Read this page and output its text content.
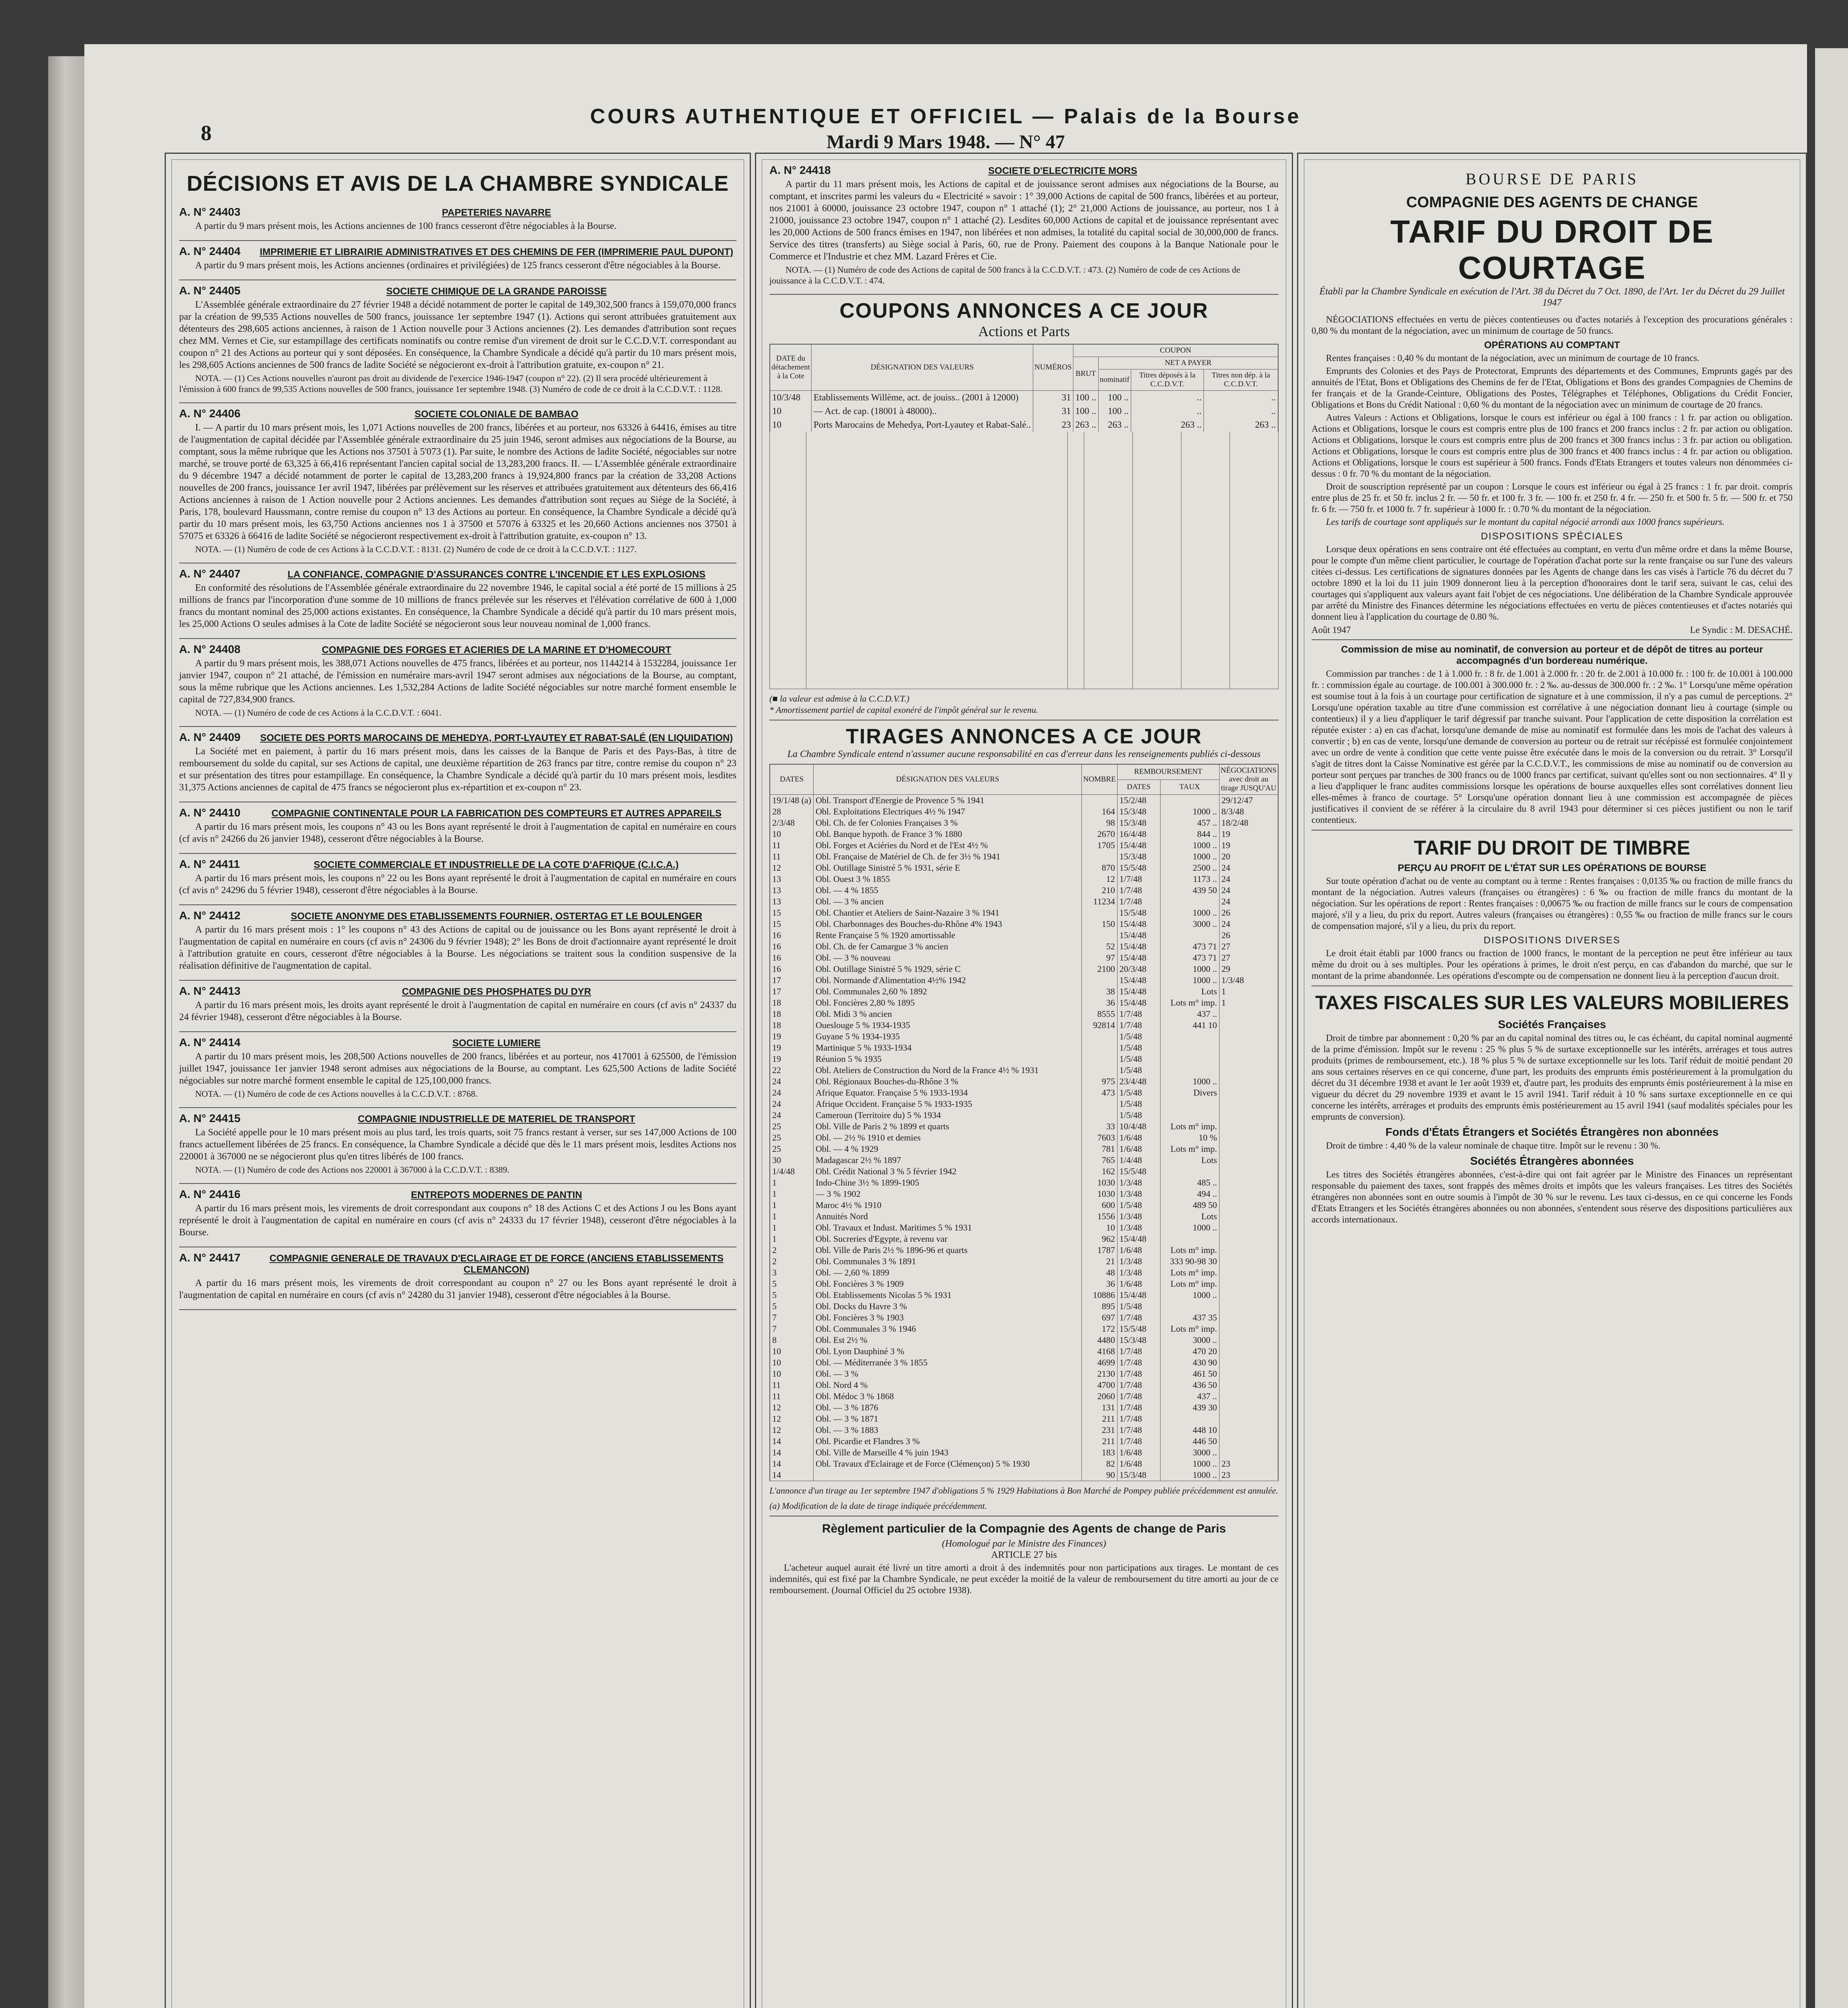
8
COURS AUTHENTIQUE ET OFFICIEL — Palais de la Bourse
Mardi 9 Mars 1948. — N° 47
DÉCISIONS ET AVIS DE LA CHAMBRE SYNDICALE
A. N° 24403	PAPETERIES NAVARRE
A partir du 9 mars présent mois, les Actions anciennes de 100 francs cesseront d'être négociables à la Bourse.
A. N° 24404	IMPRIMERIE ET LIBRAIRIE ADMINISTRATIVES ET DES CHEMINS DE FER (IMPRIMERIE PAUL DUPONT)
A partir du 9 mars présent mois, les Actions anciennes (ordinaires et privilégiées) de 125 francs cesseront d'être négociables à la Bourse.
A. N° 24405	SOCIETE CHIMIQUE DE LA GRANDE PAROISSE
L'Assemblée générale extraordinaire du 27 février 1948 a décidé notamment de porter le capital de 149,302,500 francs à 159,070,000 francs par la création de 99,535 Actions nouvelles de 500 francs, jouissance 1er septembre 1947 (1). Actions qui seront attribuées gratuitement aux détenteurs des 298,605 actions anciennes, à raison de 1 Action nouvelle pour 3 Actions anciennes (2). Les demandes d'attribution sont reçues chez MM. Vernes et Cie, sur estampillage des certificats nominatifs ou contre remise d'un virement de droit sur le C.C.D.V.T. correspondant au coupon n° 21 des Actions au porteur qui y sont déposées. En conséquence, la Chambre Syndicale a décidé qu'à partir du 10 mars présent mois, les 298,605 Actions anciennes de 500 francs de ladite Société se négocieront ex-droit à l'attribution gratuite, ex-coupon n° 21.
NOTA. — (1) Ces Actions nouvelles n'auront pas droit au dividende de l'exercice 1946-1947 (coupon n° 22). (2) Il sera procédé ultérieurement à l'émission à 600 francs de 99,535 Actions nouvelles de 500 francs, jouissance 1er septembre 1948. (3) Numéro de code de ce droit à la C.C.D.V.T. : 1128.
A. N° 24406	SOCIETE COLONIALE DE BAMBAO
I. — A partir du 10 mars présent mois, les 1,071 Actions nouvelles de 200 francs, libérées et au porteur, nos 63326 à 64416, émises au titre de l'augmentation de capital décidée par l'Assemblée générale extraordinaire du 25 juin 1946, seront admises aux négociations de la Bourse, au comptant, sous la même rubrique que les Actions nos 37501 à 5'073 (1). Par suite, le nombre des Actions de ladite Société, négociables sur notre marché, se trouve porté de 63,325 à 66,416 représentant l'ancien capital social de 13,283,200 francs. II. — L'Assemblée générale extraordinaire du 9 décembre 1947 a décidé notamment de porter le capital de 13,283,200 francs à 19,924,800 francs par la création de 33,208 Actions nouvelles de 200 francs, jouissance 1er avril 1947, libérées par prélèvement sur les réserves et attribuées gratuitement aux détenteurs des 66,416 Actions anciennes à raison de 1 Action nouvelle pour 2 Actions anciennes. Les demandes d'attribution sont reçues au Siège de la Société, à Paris, 178, boulevard Haussmann, contre remise du coupon n° 13 des Actions au porteur. En conséquence, la Chambre Syndicale a décidé qu'à partir du 10 mars présent mois, les 63,750 Actions anciennes nos 1 à 37500 et 57076 à 63325 et les 20,660 Actions anciennes nos 37501 à 57075 et 63326 à 66416 de ladite Société se négocieront respectivement ex-droit à l'attribution gratuite, ex-coupon n° 13.
NOTA. — (1) Numéro de code de ces Actions à la C.C.D.V.T. : 8131. (2) Numéro de code de ce droit à la C.C.D.V.T. : 1127.
A. N° 24407	LA CONFIANCE, COMPAGNIE D'ASSURANCES CONTRE L'INCENDIE ET LES EXPLOSIONS
En conformité des résolutions de l'Assemblée générale extraordinaire du 22 novembre 1946, le capital social a été porté de 15 millions à 25 millions de francs par l'incorporation d'une somme de 10 millions de francs prélevée sur les réserves et l'élévation corrélative de 600 à 1,000 francs du montant nominal des 25,000 actions existantes. En conséquence, la Chambre Syndicale a décidé qu'à partir du 10 mars présent mois, les 25,000 Actions O seules admises à la Cote de ladite Société se négocieront sous leur nouveau nominal de 1,000 francs.
A. N° 24408	COMPAGNIE DES FORGES ET ACIERIES DE LA MARINE ET D'HOMECOURT
A partir du 9 mars présent mois, les 388,071 Actions nouvelles de 475 francs, libérées et au porteur, nos 1144214 à 1532284, jouissance 1er janvier 1947, coupon n° 21 attaché, de l'émission en numéraire mars-avril 1947 seront admises aux négociations de la Bourse, au comptant, sous la même rubrique que les Actions anciennes. Les 1,532,284 Actions de ladite Société négociables sur notre marché forment ensemble le capital de 727,834,900 francs.
NOTA. — (1) Numéro de code de ces Actions à la C.C.D.V.T. : 6041.
A. N° 24409	SOCIETE DES PORTS MAROCAINS DE MEHEDYA, PORT-LYAUTEY ET RABAT-SALÉ (EN LIQUIDATION)
La Société met en paiement, à partir du 16 mars présent mois, dans les caisses de la Banque de Paris et des Pays-Bas, à titre de remboursement du solde du capital, sur ses Actions de capital, une deuxième répartition de 263 francs par titre, contre remise du coupon n° 23 et sur présentation des titres pour estampillage. En conséquence, la Chambre Syndicale a décidé qu'à partir du 10 mars présent mois, lesdites 31,375 Actions anciennes de capital de 475 francs se négocieront plus ex-répartition et ex-coupon n° 23.
A. N° 24410	COMPAGNIE CONTINENTALE POUR LA FABRICATION DES COMPTEURS ET AUTRES APPAREILS
A partir du 16 mars présent mois, les coupons n° 43 ou les Bons ayant représenté le droit à l'augmentation de capital en numéraire en cours (cf avis n° 24266 du 26 janvier 1948), cesseront d'être négociables à la Bourse.
A. N° 24411	SOCIETE COMMERCIALE ET INDUSTRIELLE DE LA COTE D'AFRIQUE (C.I.C.A.)
A partir du 16 mars présent mois, les coupons n° 22 ou les Bons ayant représenté le droit à l'augmentation de capital en numéraire en cours (cf avis n° 24296 du 5 février 1948), cesseront d'être négociables à la Bourse.
A. N° 24412	SOCIETE ANONYME DES ETABLISSEMENTS FOURNIER, OSTERTAG ET LE BOULENGER
A partir du 16 mars présent mois : 1° les coupons n° 43 des Actions de capital ou de jouissance ou les Bons ayant représenté le droit à l'augmentation de capital en numéraire en cours (cf avis n° 24306 du 9 février 1948); 2° les Bons de droit d'actionnaire ayant représenté le droit à l'attribution gratuite en cours, cesseront d'être négociables à la Bourse. Les négociations se traitent sous la condition suspensive de la réalisation définitive de l'augmentation de capital.
A. N° 24413	COMPAGNIE DES PHOSPHATES DU DYR
A partir du 16 mars présent mois, les droits ayant représenté le droit à l'augmentation de capital en numéraire en cours (cf avis n° 24337 du 24 février 1948), cesseront d'être négociables à la Bourse.
A. N° 24414	SOCIETE LUMIERE
A partir du 10 mars présent mois, les 208,500 Actions nouvelles de 200 francs, libérées et au porteur, nos 417001 à 625500, de l'émission juillet 1947, jouissance 1er janvier 1948 seront admises aux négociations de la Bourse, au comptant. Les 625,500 Actions de ladite Société négociables sur notre marché forment ensemble le capital de 125,100,000 francs.
NOTA. — (1) Numéro de code de ces Actions nouvelles à la C.C.D.V.T. : 8768.
A. N° 24415	COMPAGNIE INDUSTRIELLE DE MATERIEL DE TRANSPORT
La Société appelle pour le 10 mars présent mois au plus tard, les trois quarts, soit 75 francs restant à verser, sur ses 147,000 Actions de 100 francs actuellement libérées de 25 francs. En conséquence, la Chambre Syndicale a décidé que dès le 11 mars présent mois, lesdites Actions nos 220001 à 367000 ne se négocieront plus qu'en titres libérés de 100 francs.
NOTA. — (1) Numéro de code des Actions nos 220001 à 367000 à la C.C.D.V.T. : 8389.
A. N° 24416	ENTREPOTS MODERNES DE PANTIN
A partir du 16 mars présent mois, les virements de droit correspondant aux coupons n° 18 des Actions C et des Actions J ou les Bons ayant représenté le droit à l'augmentation de capital en numéraire en cours (cf avis n° 24333 du 17 février 1948), cesseront d'être négociables à la Bourse.
A. N° 24417	COMPAGNIE GENERALE DE TRAVAUX D'ECLAIRAGE ET DE FORCE (ANCIENS ETABLISSEMENTS CLEMANCON)
A partir du 16 mars présent mois, les virements de droit correspondant au coupon n° 27 ou les Bons ayant représenté le droit à l'augmentation de capital en numéraire en cours (cf avis n° 24280 du 31 janvier 1948), cesseront d'être négociables à la Bourse.
A. N° 24418	SOCIETE D'ELECTRICITE MORS
A partir du 11 mars présent mois, les Actions de capital et de jouissance seront admises aux négociations de la Bourse, au comptant, et inscrites parmi les valeurs du « Electricité » savoir : 1° 39,000 Actions de capital de 500 francs, libérées et au porteur, nos 21001 à 60000, jouissance 23 octobre 1947, coupon n° 1 attaché (1); 2° 21,000 Actions de jouissance, au porteur, nos 1 à 21000, jouissance 23 octobre 1947, coupon n° 1 attaché (2). Lesdites 60,000 Actions de capital et de jouissance représentant avec les 20,000 Actions de 500 francs émises en 1947, non libérées et non admises, la totalité du capital social de 30,000,000 de francs. Service des titres (transferts) au Siège social à Paris, 60, rue de Prony. Paiement des coupons à la Banque Nationale pour le Commerce et l'Industrie et chez MM. Lazard Frères et Cie.
NOTA. — (1) Numéro de code des Actions de capital de 500 francs à la C.C.D.V.T. : 473. (2) Numéro de code de ces Actions de jouissance à la C.C.D.V.T. : 474.
COUPONS ANNONCES A CE JOUR
Actions et Parts
DATE du détachement à la Cote	DÉSIGNATION DES VALEURS	NUMÉROS	COUPON			
			BRUT	NET A PAYER		
				nominatif	Titres déposés à la C.C.D.V.T.	Titres non dép. à la C.C.D.V.T.
10/3/48	Etablissements Willème, act. de jouiss.. (2001 à 12000)	31	100 ..	100 ..	..	..
10	— Act. de cap. (18001 à 48000)..	31	100 ..	100 ..	..	..
10	Ports Marocains de Mehedya, Port-Lyautey et Rabat-Salé..	23	263 ..	263 ..	263 ..	263 ..
(■ la valeur est admise à la C.C.D.V.T.)
* Amortissement partiel de capital exonéré de l'impôt général sur le revenu.
TIRAGES ANNONCES A CE JOUR
La Chambre Syndicale entend n'assumer aucune responsabilité en cas d'erreur dans les renseignements publiés ci-dessous
DATES	DÉSIGNATION DES VALEURS	NOMBRE	REMBOURSEMENT		NÉGOCIATIONS avec droit au tirage JUSQU'AU
			DATES	TAUX	
19/1/48 (a)	Obl. Transport d'Energie de Provence 5 % 1941		15/2/48		29/12/47
28	Obl. Exploitations Electriques 4½ % 1947	164	15/3/48	1000 ..	8/3/48
2/3/48	Obl. Ch. de fer Colonies Françaises 3 %	98	15/3/48	457 ..	18/2/48
10	Obl. Banque hypoth. de France 3 % 1880	2670	16/4/48	844 ..	19
11	Obl. Forges et Aciéries du Nord et de l'Est 4½ %	1705	15/4/48	1000 ..	19
11	Obl. Française de Matériel de Ch. de fer 3½ % 1941		15/3/48	1000 ..	20
12	Obl. Outillage Sinistré 5 % 1931, série E	870	15/5/48	2500 ..	24
13	Obl. Ouest 3 % 1855	12	1/7/48	1173 ..	24
13	Obl. — 4 % 1855	210	1/7/48	439 50	24
13	Obl. — 3 % ancien	11234	1/7/48		24
15	Obl. Chantier et Ateliers de Saint-Nazaire 3 % 1941		15/5/48	1000 ..	26
15	Obl. Charbonnages des Bouches-du-Rhône 4% 1943	150	15/4/48	3000 ..	24
16	Rente Française 5 % 1920 amortissable		15/4/48		26
16	Obl. Ch. de fer Camargue 3 % ancien	52	15/4/48	473 71	27
16	Obl. — 3 % nouveau	97	15/4/48	473 71	27
16	Obl. Outillage Sinistré 5 % 1929, série C	2100	20/3/48	1000 ..	29
17	Obl. Normande d'Alimentation 4½% 1942		15/4/48	1000 ..	1/3/48
17	Obl. Communales 2,60 % 1892	38	15/4/48	Lots	1
18	Obl. Foncières 2,80 % 1895	36	15/4/48	Lots m° imp.	1
18	Obl. Midi 3 % ancien	8555	1/7/48	437 ..	
18	Oueslouge 5 % 1934-1935	92814	1/7/48	441 10	
19	Guyane 5 % 1934-1935		1/5/48		
19	Martinique 5 % 1933-1934		1/5/48		
19	Réunion 5 % 1935		1/5/48		
22	Obl. Ateliers de Construction du Nord de la France 4½ % 1931		1/5/48		
24	Obl. Régionaux Bouches-du-Rhône 3 %	975	23/4/48	1000 ..	
24	Afrique Equator. Française 5 % 1933-1934	473	1/5/48	Divers	
24	Afrique Occident. Française 5 % 1933-1935		1/5/48		
24	Cameroun (Territoire du) 5 % 1934		1/5/48		
25	Obl. Ville de Paris 2 % 1899 et quarts	33	10/4/48	Lots m° imp.	
25	Obl. — 2½ % 1910 et demies	7603	1/6/48	10 %	
25	Obl. — 4 % 1929	781	1/6/48	Lots m° imp.	
30	Madagascar 2½ % 1897	765	1/4/48	Lots	
1/4/48	Obl. Crédit National 3 % 5 février 1942	162	15/5/48		
1	Indo-Chine 3½ % 1899-1905	1030	1/3/48	485 ..	
1	— 3 % 1902	1030	1/3/48	494 ..	
1	Maroc 4½ % 1910	600	1/5/48	489 50	
1	Annuités Nord	1556	1/3/48	Lots	
1	Obl. Travaux et Indust. Maritimes 5 % 1931	10	1/3/48	1000 ..	
1	Obl. Sucreries d'Egypte, à revenu var	962	15/4/48		
2	Obl. Ville de Paris 2½ % 1896-96 et quarts	1787	1/6/48	Lots m° imp.	
2	Obl. Communales 3 % 1891	21	1/3/48	333 90-98 30	
3	Obl. — 2,60 % 1899	48	1/3/48	Lots m° imp.	
5	Obl. Foncières 3 % 1909	36	1/6/48	Lots m° imp.	
5	Obl. Etablissements Nicolas 5 % 1931	10886	15/4/48	1000 ..	
5	Obl. Docks du Havre 3 %	895	1/5/48		
7	Obl. Foncières 3 % 1903	697	1/7/48	437 35	
7	Obl. Communales 3 % 1946	172	15/5/48	Lots m° imp.	
8	Obl. Est 2½ %	4480	15/3/48	3000 ..	
10	Obl. Lyon Dauphiné 3 %	4168	1/7/48	470 20	
10	Obl. — Méditerranée 3 % 1855	4699	1/7/48	430 90	
10	Obl. — 3 %	2130	1/7/48	461 50	
11	Obl. Nord 4 %	4700	1/7/48	436 50	
11	Obl. Médoc 3 % 1868	2060	1/7/48	437 ..	
12	Obl. — 3 % 1876	131	1/7/48	439 30	
12	Obl. — 3 % 1871	211	1/7/48		
12	Obl. — 3 % 1883	231	1/7/48	448 10	
14	Obl. Picardie et Flandres 3 %	211	1/7/48	446 50	
14	Obl. Ville de Marseille 4 % juin 1943	183	1/6/48	3000 ..	
14	Obl. Travaux d'Eclairage et de Force (Clémençon) 5 % 1930	82	1/6/48	1000 ..	23
14		90	15/3/48	1000 ..	23
L'annonce d'un tirage au 1er septembre 1947 d'obligations 5 % 1929 Habitations à Bon Marché de Pompey publiée précédemment est annulée.
(a) Modification de la date de tirage indiquée précédemment.
Règlement particulier de la Compagnie des Agents de change de Paris
(Homologué par le Ministre des Finances)
ARTICLE 27 bis
L'acheteur auquel aurait été livré un titre amorti a droit à des indemnités pour non participations aux tirages. Le montant de ces indemnités, qui est fixé par la Chambre Syndicale, ne peut excéder la moitié de la valeur de remboursement du titre amorti au jour de ce remboursement. (Journal Officiel du 25 octobre 1938).
BOURSE DE PARIS
COMPAGNIE DES AGENTS DE CHANGE
TARIF DU DROIT DE COURTAGE
Établi par la Chambre Syndicale en exécution de l'Art. 38 du Décret du 7 Oct. 1890, de l'Art. 1er du Décret du 29 Juillet 1947
NÉGOCIATIONS effectuées en vertu de pièces contentieuses ou d'actes notariés à l'exception des procurations générales : 0,80 % du montant de la négociation, avec un minimum de courtage de 50 francs.
OPÉRATIONS AU COMPTANT
Rentes françaises : 0,40 % du montant de la négociation, avec un minimum de courtage de 10 francs.
Emprunts des Colonies et des Pays de Protectorat, Emprunts des départements et des Communes, Emprunts gagés par des annuités de l'Etat, Bons et Obligations des Chemins de fer de l'Etat, Obligations et Bons des grandes Compagnies de Chemins de fer français et de la Grande-Ceinture, Obligations des Postes, Télégraphes et Téléphones, Obligations du Crédit Foncier, Obligations et Bons du Crédit National : 0,60 % du montant de la négociation avec un minimum de courtage de 20 francs.
Autres Valeurs : Actions et Obligations, lorsque le cours est inférieur ou égal à 100 francs : 1 fr. par action ou obligation. Actions et Obligations, lorsque le cours est compris entre plus de 100 francs et 200 francs inclus : 2 fr. par action ou obligation. Actions et Obligations, lorsque le cours est compris entre plus de 200 francs et 300 francs inclus : 3 fr. par action ou obligation. Actions et Obligations, lorsque le cours est compris entre plus de 300 francs et 400 francs inclus : 4 fr. par action ou obligation. Actions et Obligations, lorsque le cours est supérieur à 500 francs. Fonds d'Etats Etrangers et toutes valeurs non dénommées ci-dessus : 0 fr. 70 % du montant de la négociation.
Droit de souscription représenté par un coupon : Lorsque le cours est inférieur ou égal à 25 francs : 1 fr. par droit. compris entre plus de 25 fr. et 50 fr. inclus 2 fr. — 50 fr. et 100 fr. 3 fr. — 100 fr. et 250 fr. 4 fr. — 250 fr. et 500 fr. 5 fr. — 500 fr. et 750 fr. 6 fr. — 750 fr. et 1000 fr. 7 fr. supérieur à 1000 fr. : 0.70 % du montant de la négociation.
Les tarifs de courtage sont appliqués sur le montant du capital négocié arrondi aux 1000 francs supérieurs.
DISPOSITIONS SPÉCIALES
Lorsque deux opérations en sens contraire ont été effectuées au comptant, en vertu d'un même ordre et dans la même Bourse, pour le compte d'un même client particulier, le courtage de l'opération d'achat porte sur la rente française ou sur l'une des valeurs citées ci-dessus. Les certifications de signatures données par les Agents de change dans les cas visés à l'article 76 du décret du 7 octobre 1890 et la loi du 11 juin 1909 donneront lieu à la perception d'honoraires dont le tarif sera, suivant le cas, celui des courtages qui s'appliquent aux valeurs ayant fait l'objet de ces négociations. Une délibération de la Chambre Syndicale approuvée par arrêté du Ministre des Finances détermine les négociations effectuées en vertu de pièces contentieuses et d'actes notariés qui donnent lieu à l'application du courtage de 0.80 %.
Août 1947	Le Syndic : M. DESACHÉ.
Commission de mise au nominatif, de conversion au porteur et de dépôt de titres au porteur accompagnés d'un bordereau numérique.
Commission par tranches : de 1 à 1.000 fr. : 8 fr. de 1.001 à 2.000 fr. : 20 fr. de 2.001 à 10.000 fr. : 100 fr. de 10.001 à 100.000 fr. : commission égale au courtage. de 100.001 à 300.000 fr. : 2 ‰. au-dessus de 300.000 fr. : 2 ‰. 1° Lorsqu'une même opération est soumise tout à la fois à un courtage pour certification de signature et à une commission, il n'y a pas cumul de perceptions. 2° Lorsqu'une opération taxable au titre d'une commission est corrélative à une négociation donnant lieu à courtage (simple ou contentieux) il y a lieu d'appliquer le tarif dégressif par tranche suivant. Pour l'application de cette disposition la corrélation est réputée exister : a) en cas d'achat, lorsqu'une demande de mise au nominatif est formulée dans les mois de l'achat des valeurs à convertir ; b) en cas de vente, lorsqu'une demande de conversion au porteur ou de retrait sur récépissé est formulée conjointement avec un ordre de vente à condition que cette vente puisse être exécutée dans le mois de la conversion ou du retrait. 3° Lorsqu'il s'agit de titres dont la Caisse Nominative est gérée par la C.C.D.V.T., les commissions de mise au nominatif ou de conversion au porteur sont perçues par tranches de 300 francs ou de 1000 francs par certificat, suivant qu'elles sont ou non sectionnaires. 4° Il y a lieu d'appliquer le franc audites commissions lorsque les opérations de bourse auxquelles elles sont corrélatives donnent lieu elles-mêmes à franco de courtage. 5° Lorsqu'une opération donnant lieu à une commission est accompagnée de pièces justificatives il convient de se référer à la circulaire du 8 avril 1943 pour déterminer si ces pièces justifient ou non le tarif contentieux.
TARIF DU DROIT DE TIMBRE
PERÇU AU PROFIT DE L'ÉTAT SUR LES OPÉRATIONS DE BOURSE
Sur toute opération d'achat ou de vente au comptant ou à terme : Rentes françaises : 0,0135 ‰ ou fraction de mille francs du montant de la négociation. Autres valeurs (françaises ou étrangères) : 6 ‰ ou fraction de mille francs du montant de la négociation. Sur les opérations de report : Rentes françaises : 0,00675 ‰ ou fraction de mille francs sur le cours de compensation majoré, s'il y a lieu, du prix du report. Autres valeurs (françaises ou étrangères) : 0,55 ‰ ou fraction de mille francs sur le cours de compensation majoré, s'il y a lieu, du prix du report.
DISPOSITIONS DIVERSES
Le droit était établi par 1000 francs ou fraction de 1000 francs, le montant de la perception ne peut être inférieur au taux même du droit ou à ses multiples. Pour les opérations à primes, le droit n'est perçu, en cas d'abandon du marché, que sur le montant de la prime abandonnée. Les opérations d'escompte ou de compensation ne donnent lieu à la perception d'aucun droit.
TAXES FISCALES SUR LES VALEURS MOBILIERES
Sociétés Françaises
Droit de timbre par abonnement : 0,20 % par an du capital nominal des titres ou, le cas échéant, du capital nominal augmenté de la prime d'émission. Impôt sur le revenu : 25 % plus 5 % de surtaxe exceptionnelle sur les intérêts, arrérages et tous autres produits (primes de remboursement, etc.). 18 % plus 5 % de surtaxe exceptionnelle sur les lots. Tarif réduit de moitié pendant 20 ans sous certaines réserves en ce qui concerne, d'une part, les produits des emprunts émis postérieurement à la promulgation du décret du 31 décembre 1938 et avant le 1er août 1939 et, d'autre part, les produits des emprunts émis postérieurement à la mise en vigueur du décret du 29 novembre 1939 et avant le 15 avril 1941. Tarif réduit à 10 % sans surtaxe exceptionnelle en ce qui concerne les intérêts, arrérages et produits des emprunts émis postérieurement au 15 avril 1941 (sauf modalités spéciales pour les emprunts de conversion).
Fonds d'États Étrangers et Sociétés Étrangères non abonnées
Droit de timbre : 4,40 % de la valeur nominale de chaque titre. Impôt sur le revenu : 30 %.
Sociétés Étrangères abonnées
Les titres des Sociétés étrangères abonnées, c'est-à-dire qui ont fait agréer par le Ministre des Finances un représentant responsable du paiement des taxes, sont frappés des mêmes droits et impôts que les valeurs françaises. Les titres des Sociétés étrangères non abonnées sont en outre soumis à l'impôt de 30 % sur le revenu. Les taux ci-dessus, en ce qui concerne les Fonds d'Etats Etrangers et les Sociétés étrangères abonnées ou non abonnées, s'entendent sous réserve des dispositions particulières aux accords internationaux.
